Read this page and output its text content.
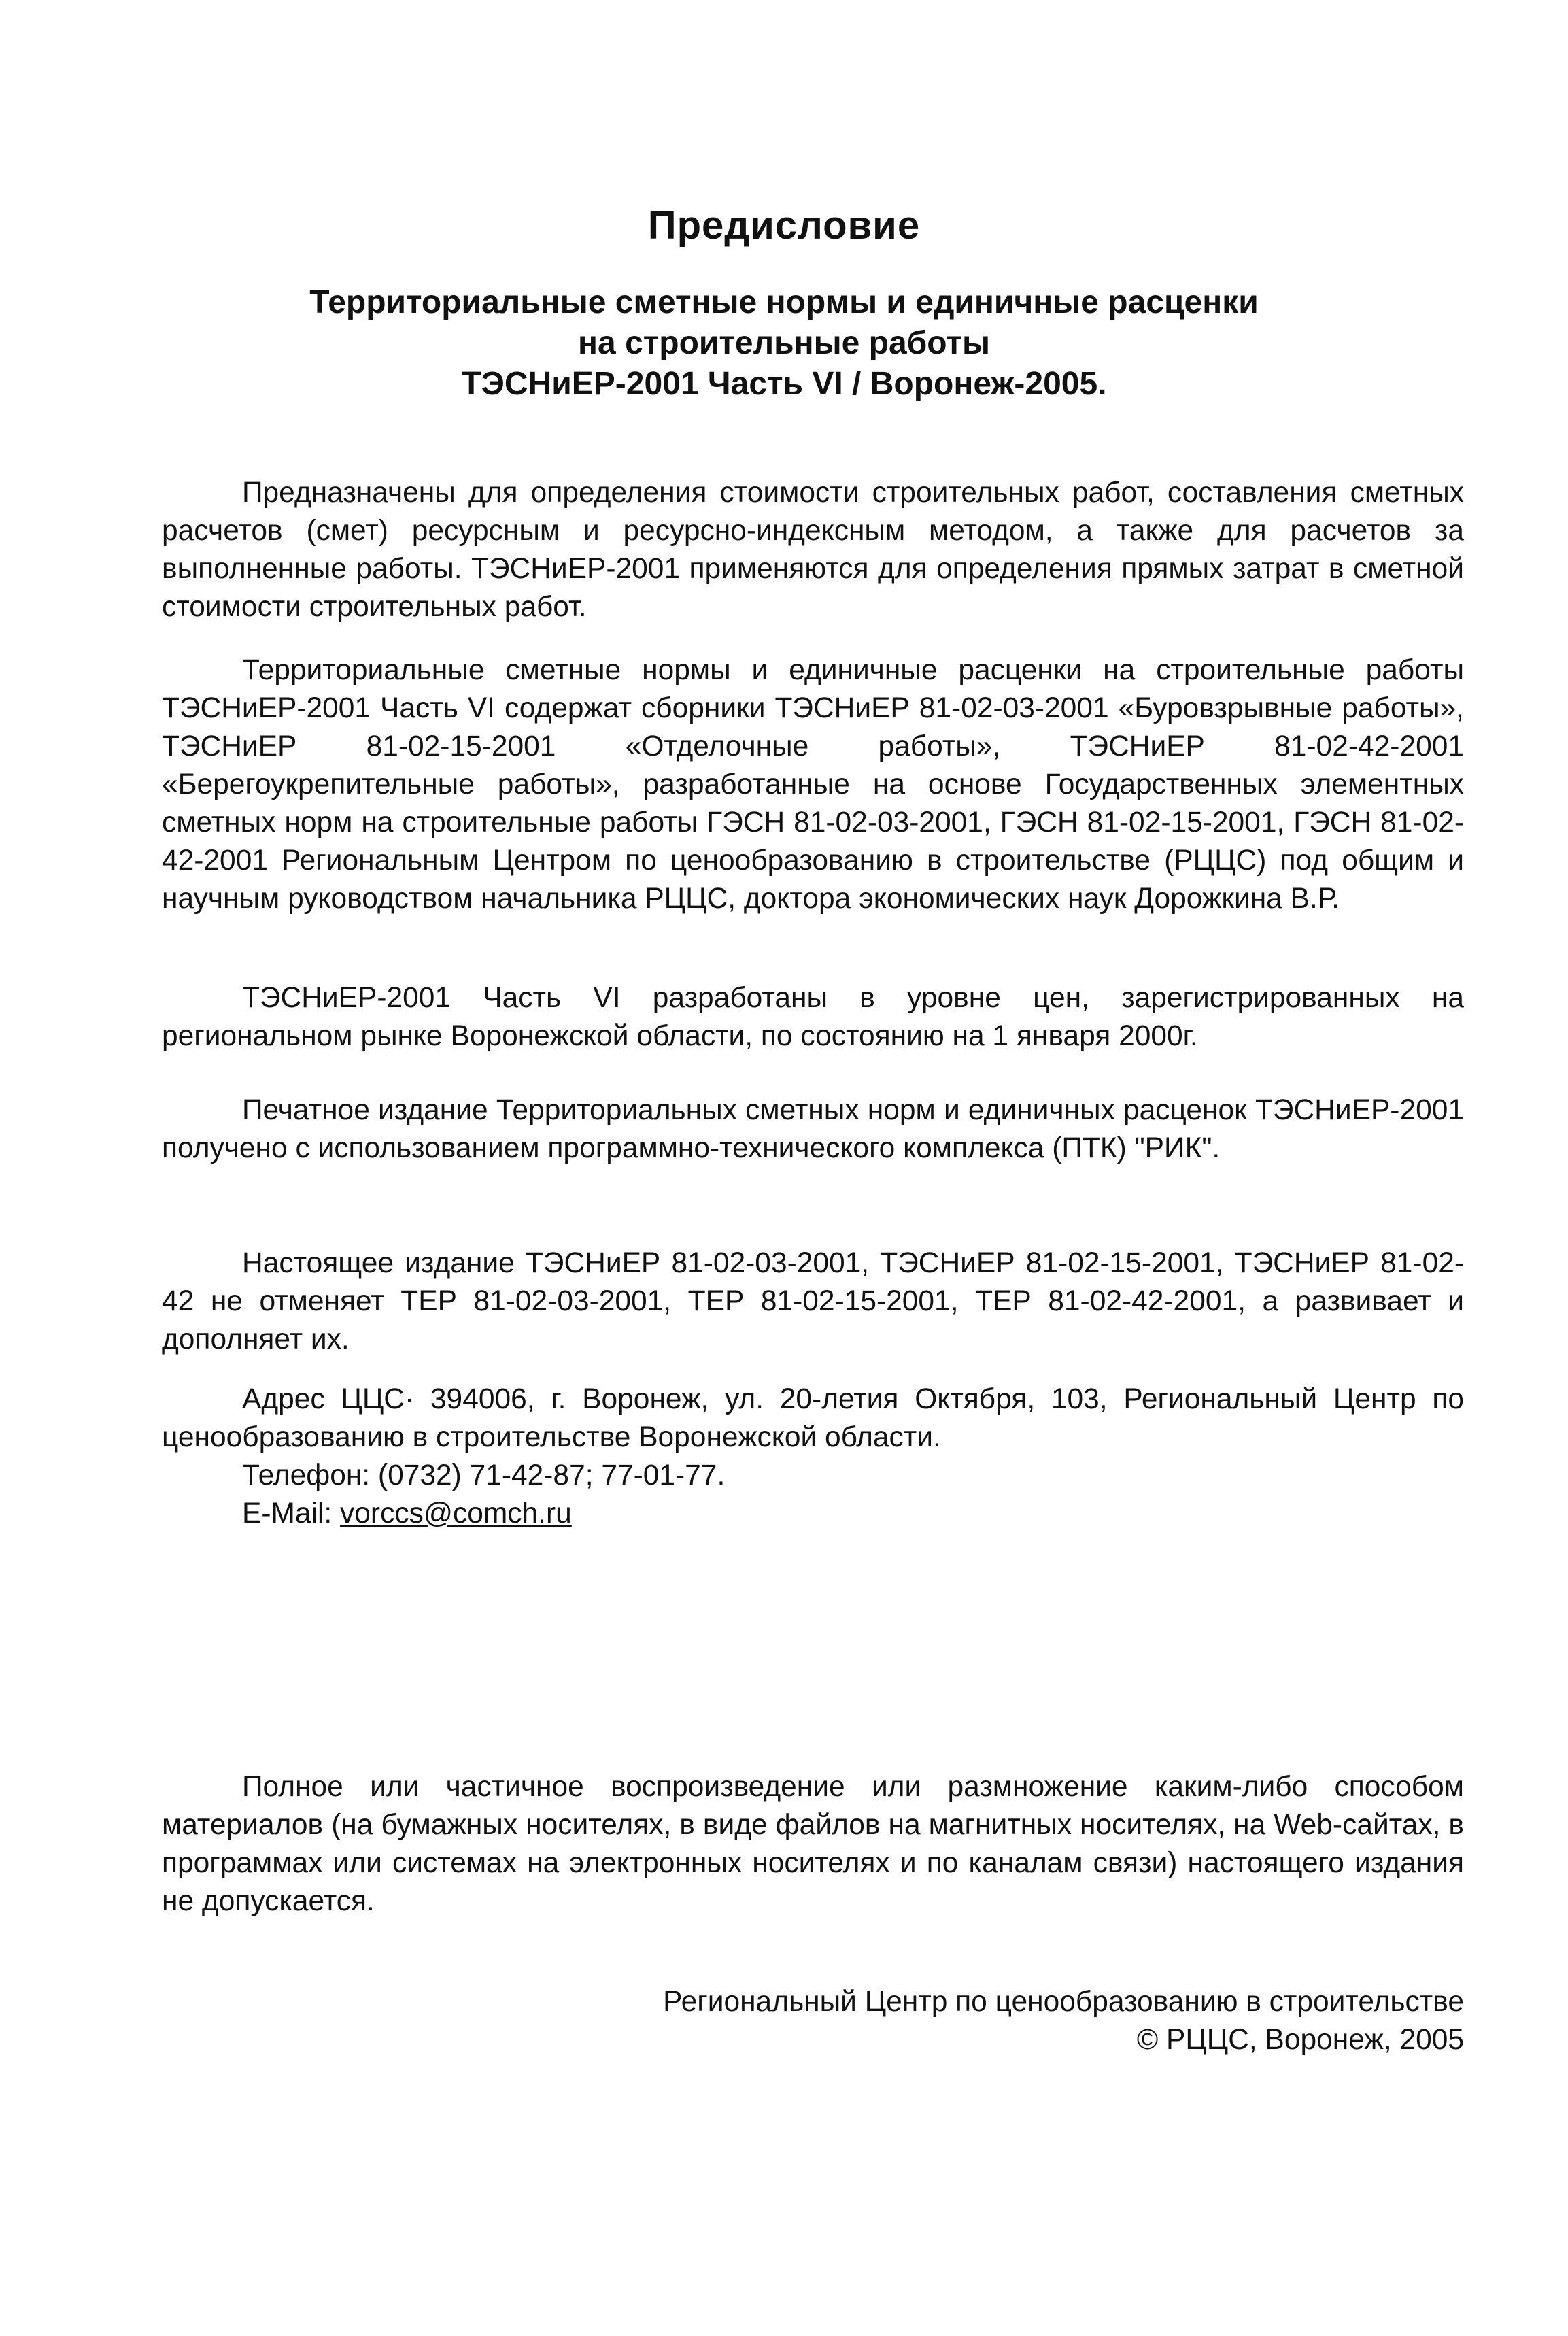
Предисловие
Территориальные сметные нормы и единичные расценки
на строительные работы
ТЭСНиЕР-2001 Часть VI / Воронеж-2005.

Предназначены для определения стоимости строительных работ, составления сметных расчетов (смет) ресурсным и ресурсно-индексным методом, а также для расчетов за выполненные работы. ТЭСНиЕР-2001 применяются для определения прямых затрат в сметной стоимости строительных работ.

Территориальные сметные нормы и единичные расценки на строительные работы ТЭСНиЕР-2001 Часть VI содержат сборники ТЭСНиЕР 81-02-03-2001 «Буровзрывные работы», ТЭСНиЕР 81-02-15-2001 «Отделочные работы», ТЭСНиЕР 81-02-42-2001 «Берегоукрепительные работы», разработанные на основе Государственных элементных сметных норм на строительные работы ГЭСН 81-02-03-2001, ГЭСН 81-02-15-2001, ГЭСН 81-02-42-2001 Региональным Центром по ценообразованию в строительстве (РЦЦС) под общим и научным руководством начальника РЦЦС, доктора экономических наук Дорожкина В.Р.

ТЭСНиЕР-2001 Часть VI разработаны в уровне цен, зарегистрированных на региональном рынке Воронежской области, по состоянию на 1 января 2000г.

Печатное издание Территориальных сметных норм и единичных расценок ТЭСНиЕР-2001 получено с использованием программно-технического комплекса (ПТК) "РИК".

Настоящее издание ТЭСНиЕР 81-02-03-2001, ТЭСНиЕР 81-02-15-2001, ТЭСНиЕР 81-02-42 не отменяет ТЕР 81-02-03-2001, ТЕР 81-02-15-2001, ТЕР 81-02-42-2001, а развивает и дополняет их.

Адрес ЦЦС· 394006, г. Воронеж, ул. 20-летия Октября, 103, Региональный Центр по ценообразованию в строительстве Воронежской области.

Телефон: (0732) 71-42-87; 77-01-77.

E-Mail: vorccs@comch.ru

Полное или частичное воспроизведение или размножение каким-либо способом материалов (на бумажных носителях, в виде файлов на магнитных носителях, на Web-сайтах, в программах или системах на электронных носителях и по каналам связи) настоящего издания не допускается.

Региональный Центр по ценообразованию в строительстве
© РЦЦС, Воронеж, 2005
